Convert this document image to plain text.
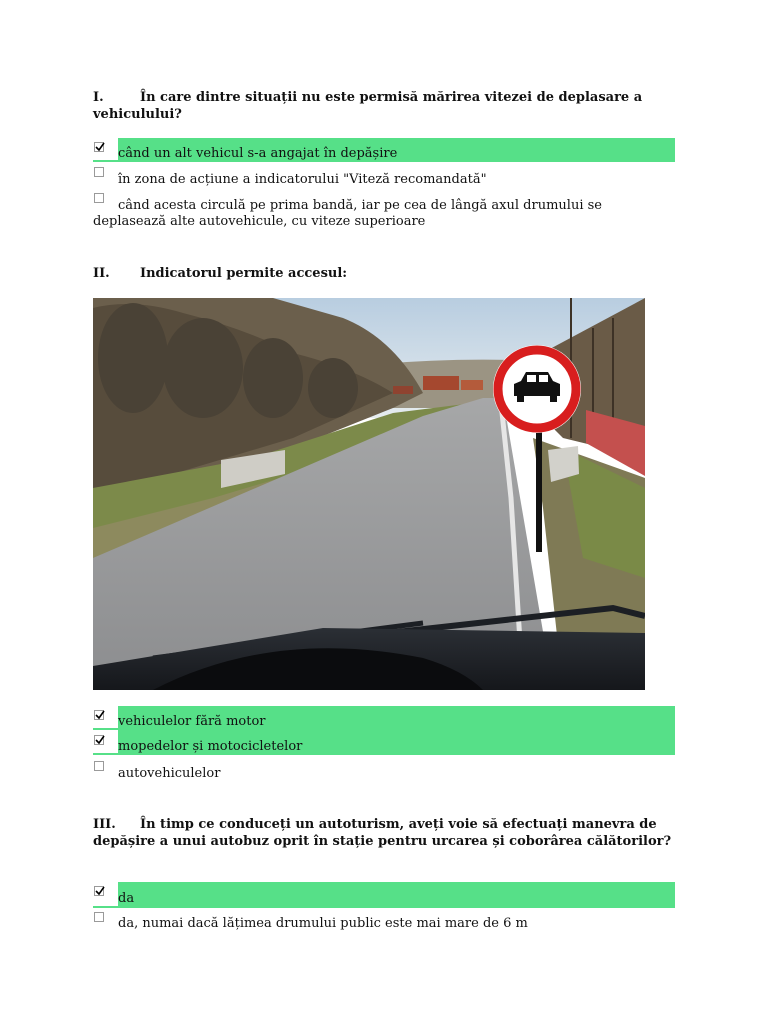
I.	În care dintre situații nu este permisă mărirea vitezei de deplasare a vehiculului?
când un alt vehicul s-a angajat în depășire
în zona de acțiune a indicatorului "Viteză recomandată"
când acesta circulă pe prima bandă, iar pe cea de lângă axul drumului se deplasează alte autovehicule, cu viteze superioare
II.	Indicatorul permite accesul:
vehiculelor fără motor
mopedelor și motocicletelor
autovehiculelor
III.	În timp ce conduceți un autoturism, aveți voie să efectuați manevra de depășire a unui autobuz oprit în stație pentru urcarea și coborârea călătorilor?
da
da, numai dacă lățimea drumului public este mai mare de 6 m
